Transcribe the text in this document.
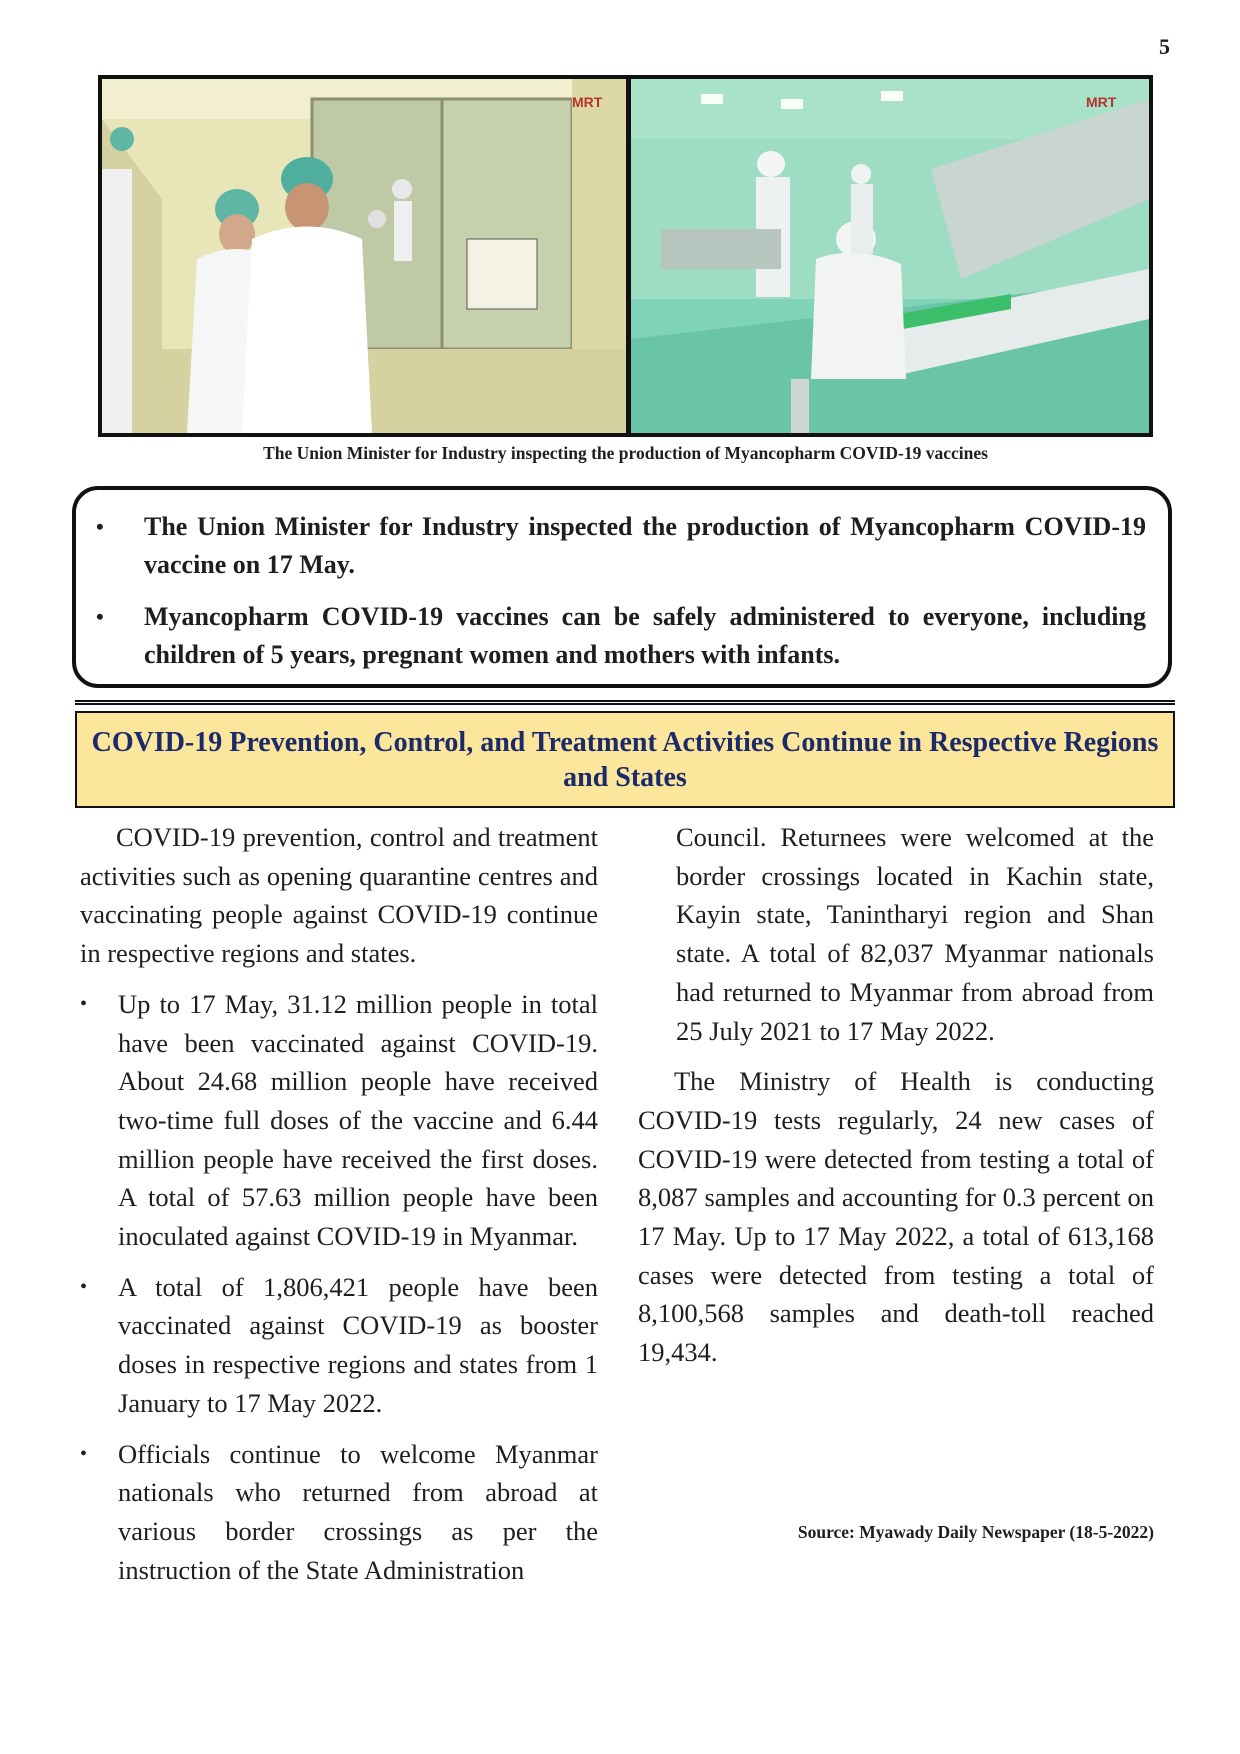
5
MRT	MRT
The Union Minister for Industry inspecting the production of Myancopharm COVID-19 vaccines
• The Union Minister for Industry inspected the production of Myancopharm COVID-19 vaccine on 17 May.
• Myancopharm COVID-19 vaccines can be safely administered to everyone, including children of 5 years, pregnant women and mothers with infants.
COVID-19 Prevention, Control, and Treatment Activities Continue in Respective Regions and States

COVID-19 prevention, control and treatment activities such as opening quarantine centres and vaccinating people against COVID-19 continue in respective regions and states.

• Up to 17 May, 31.12 million people in total have been vaccinated against COVID-19. About 24.68 million people have received two-time full doses of the vaccine and 6.44 million people have received the first doses. A total of 57.63 million people have been inoculated against COVID-19 in Myanmar.
• A total of 1,806,421 people have been vaccinated against COVID-19 as booster doses in respective regions and states from 1 January to 17 May 2022.
• Officials continue to welcome Myanmar nationals who returned from abroad at various border crossings as per the instruction of the State Administration

Council. Returnees were welcomed at the border crossings located in Kachin state, Kayin state, Tanintharyi region and Shan state. A total of 82,037 Myanmar nationals had returned to Myanmar from abroad from 25 July 2021 to 17 May 2022.

The Ministry of Health is conducting COVID-19 tests regularly, 24 new cases of COVID-19 were detected from testing a total of 8,087 samples and accounting for 0.3 percent on 17 May. Up to 17 May 2022, a total of 613,168 cases were detected from testing a total of 8,100,568 samples and death-toll reached 19,434.

Source: Myawady Daily Newspaper (18-5-2022)
